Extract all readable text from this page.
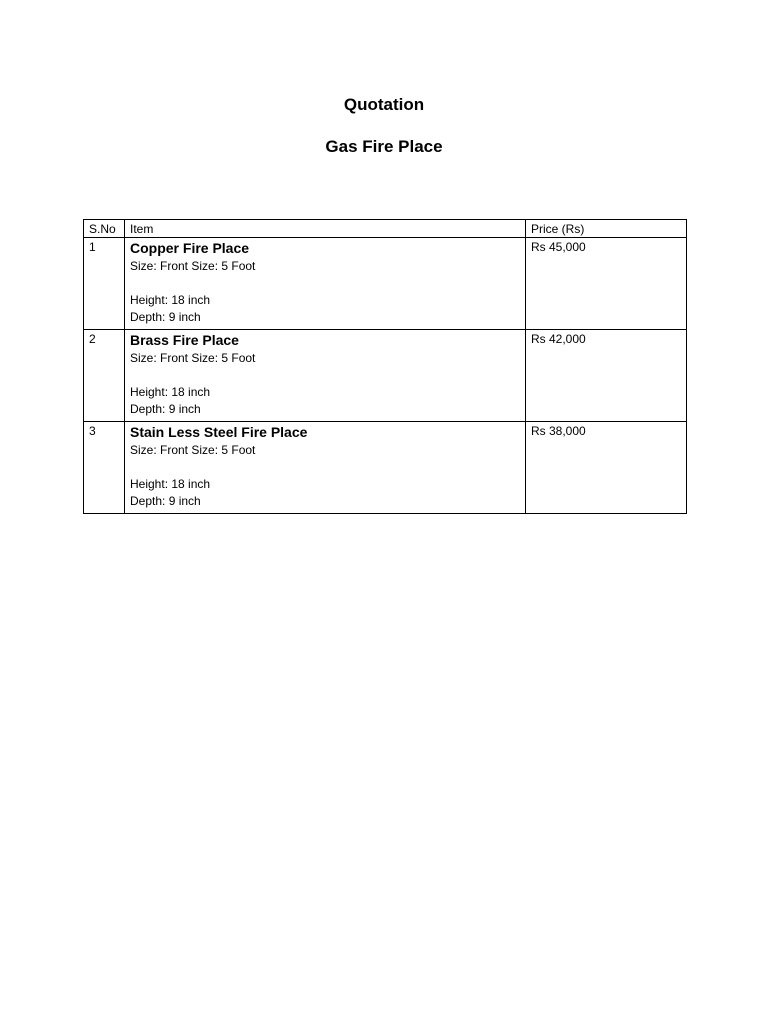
Quotation
Gas Fire Place
S.No	Item	Price (Rs)
1	Copper Fire Place
Size: Front Size: 5 Foot
Height: 18 inch
Depth: 9 inch	Rs 45,000
2	Brass Fire Place
Size: Front Size: 5 Foot
Height: 18 inch
Depth: 9 inch	Rs 42,000
3	Stain Less Steel Fire Place
Size: Front Size: 5 Foot
Height: 18 inch
Depth: 9 inch	Rs 38,000
